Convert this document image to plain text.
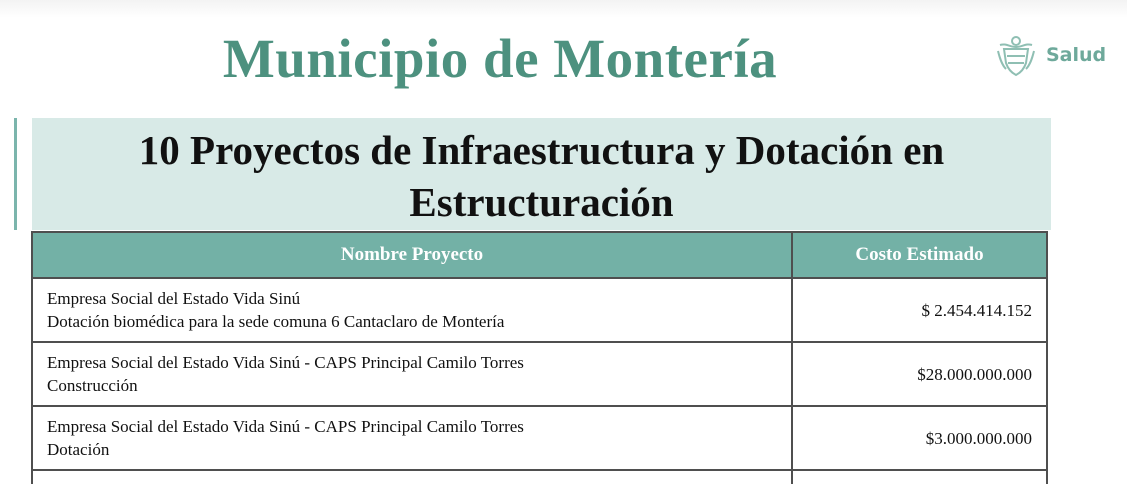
Municipio de Montería	Salud
10 Proyectos de Infraestructura y Dotación en
Estructuración
Nombre Proyecto	Costo Estimado
Empresa Social del Estado Vida Sinú
Dotación biomédica para la sede comuna 6 Cantaclaro de Montería	$ 2.454.414.152
Empresa Social del Estado Vida Sinú - CAPS Principal Camilo Torres
Construcción	$28.000.000.000
Empresa Social del Estado Vida Sinú - CAPS Principal Camilo Torres
Dotación	$3.000.000.000
